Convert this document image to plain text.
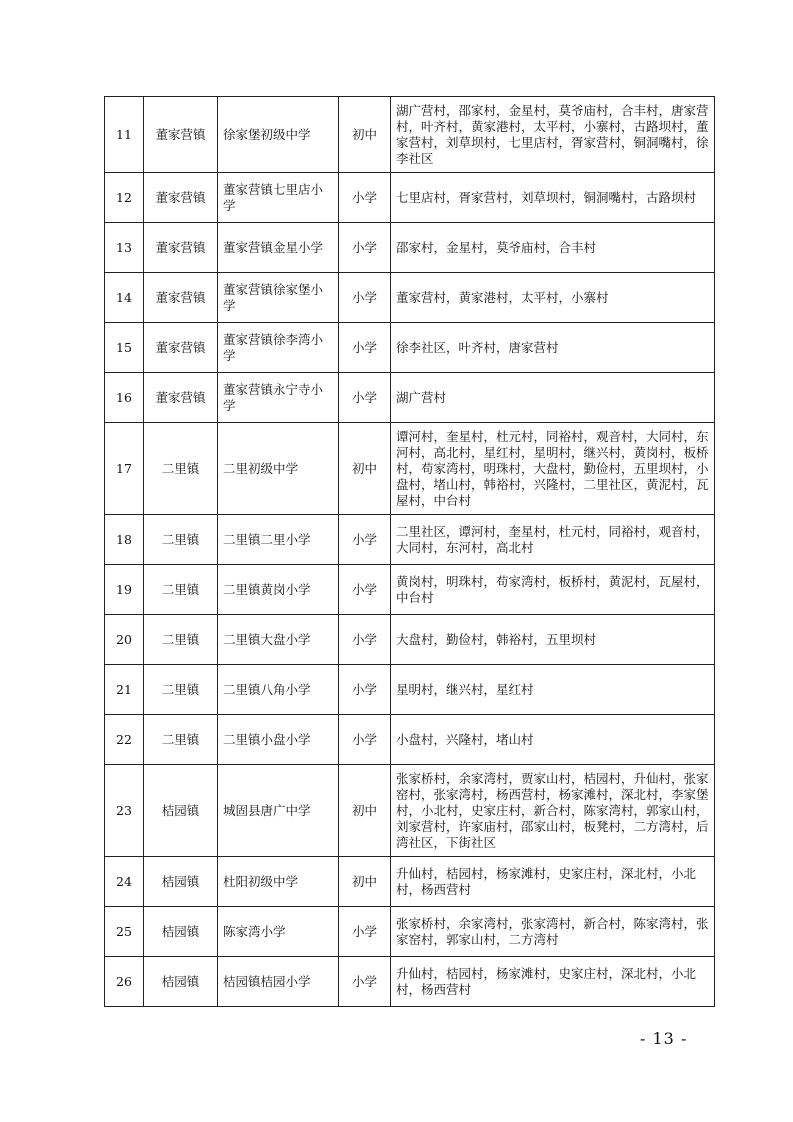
11	董家营镇	徐家堡初级中学	初中	湖广营村，邵家村，金星村，莫爷庙村，合丰村，唐家营村，叶齐村，黄家港村，太平村，小寨村，古路坝村，董家营村，刘草坝村，七里店村，胥家营村，铜洞嘴村，徐李社区
12	董家营镇	董家营镇七里店小学	小学	七里店村，胥家营村，刘草坝村，铜洞嘴村，古路坝村
13	董家营镇	董家营镇金星小学	小学	邵家村，金星村，莫爷庙村，合丰村
14	董家营镇	董家营镇徐家堡小学	小学	董家营村，黄家港村，太平村，小寨村
15	董家营镇	董家营镇徐李湾小学	小学	徐李社区，叶齐村，唐家营村
16	董家营镇	董家营镇永宁寺小学	小学	湖广营村
17	二里镇	二里初级中学	初中	谭河村，奎星村，杜元村，同裕村，观音村，大同村，东河村，高北村，星红村，星明村，继兴村，黄岗村，板桥村，苟家湾村，明珠村，大盘村，勤俭村，五里坝村，小盘村，堵山村，韩裕村，兴隆村，二里社区，黄泥村，瓦屋村，中台村
18	二里镇	二里镇二里小学	小学	二里社区，谭河村，奎星村，杜元村，同裕村，观音村，大同村，东河村，高北村
19	二里镇	二里镇黄岗小学	小学	黄岗村，明珠村，苟家湾村，板桥村，黄泥村，瓦屋村，中台村
20	二里镇	二里镇大盘小学	小学	大盘村，勤俭村，韩裕村，五里坝村
21	二里镇	二里镇八角小学	小学	星明村，继兴村，星红村
22	二里镇	二里镇小盘小学	小学	小盘村，兴隆村，堵山村
23	桔园镇	城固县唐广中学	初中	张家桥村，余家湾村，贾家山村，桔园村，升仙村，张家窑村，张家湾村，杨西营村，杨家滩村，深北村，李家堡村，小北村，史家庄村，新合村，陈家湾村，郭家山村，刘家营村，许家庙村，邵家山村，板凳村，二方湾村，后湾社区，下街社区
24	桔园镇	杜阳初级中学	初中	升仙村，桔园村，杨家滩村，史家庄村，深北村，小北村，杨西营村
25	桔园镇	陈家湾小学	小学	张家桥村，余家湾村，张家湾村，新合村，陈家湾村，张家窑村，郭家山村，二方湾村
26	桔园镇	桔园镇桔园小学	小学	升仙村，桔园村，杨家滩村，史家庄村，深北村，小北村，杨西营村
- 13 -
